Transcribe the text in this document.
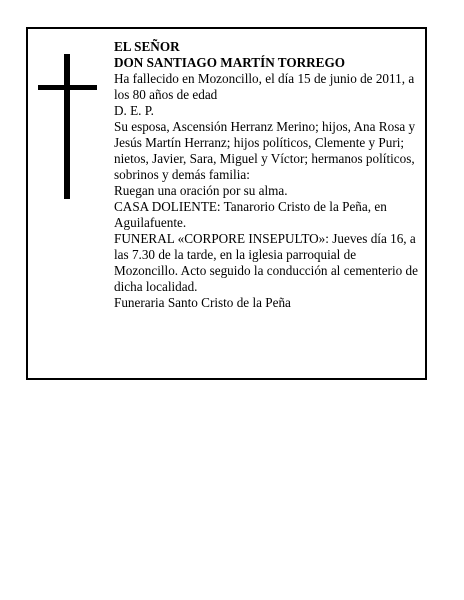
EL SEÑOR

DON SANTIAGO MARTÍN TORREGO

Ha fallecido en Mozoncillo, el día 15 de junio de 2011, a los 80 años de edad

D. E. P.

Su esposa, Ascensión Herranz Merino; hijos, Ana Rosa y Jesús Martín Herranz; hijos políticos, Clemente y Puri; nietos, Javier, Sara, Miguel y Víctor; hermanos políticos, sobrinos y demás familia:

Ruegan una oración por su alma.

CASA DOLIENTE: Tanarorio Cristo de la Peña, en Aguilafuente.

FUNERAL «CORPORE INSEPULTO»: Jueves día 16, a las 7.30 de la tarde, en la iglesia parroquial de Mozoncillo. Acto seguido la conducción al cementerio de dicha localidad.

Funeraria Santo Cristo de la Peña
